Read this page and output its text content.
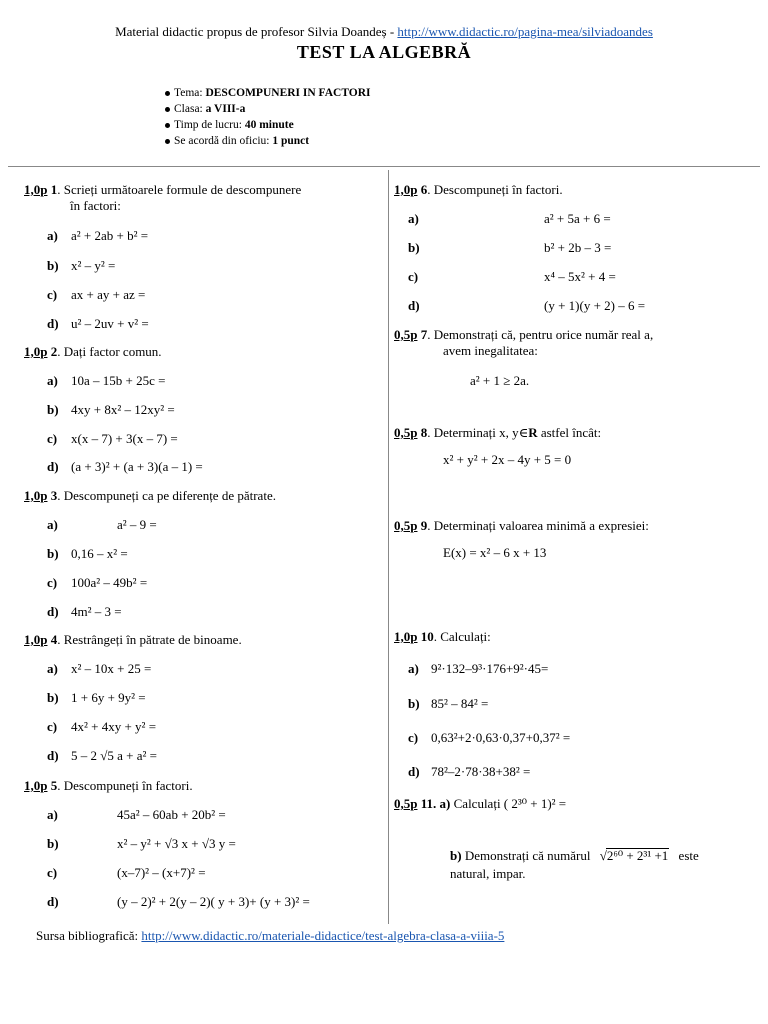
Material didactic propus de profesor Silvia Doandeș - http://www.didactic.ro/pagina-mea/silviadoandes
TEST LA ALGEBRĂ
Tema: DESCOMPUNERI IN FACTORI
Clasa: a VIII-a
Timp de lucru: 40 minute
Se acordă din oficiu: 1 punct
1,0p 1. Scrieți următoarele formule de descompunere
în factori:
a) a² + 2ab + b² =
b) x² – y² =
c) ax + ay + az =
d) u² – 2uv + v² =
1,0p 2. Dați factor comun.
a) 10a – 15b + 25c =
b) 4xy + 8x² – 12xy² =
c) x(x – 7) + 3(x – 7) =
d) (a + 3)² + (a + 3)(a – 1) =
1,0p 3. Descompuneți ca pe diferențe de pătrate.
a)	a² – 9 =
b) 0,16 – x² =
c) 100a² – 49b² =
d) 4m² – 3 =
1,0p 4. Restrângeți în pătrate de binoame.
a) x² – 10x + 25 =
b) 1 + 6y + 9y² =
c) 4x² + 4xy + y² =
d) 5 – 2 √5 a + a² =
1,0p 5. Descompuneți în factori.
a)	45a² – 60ab + 20b² =
b)	x² – y² + √3 x + √3 y =
c)	(x–7)² – (x+7)² =
d)	(y – 2)² + 2(y – 2)( y + 3)+ (y + 3)² =
1,0p 6. Descompuneți în factori.
a)	a² + 5a + 6 =
b)	b² + 2b – 3 =
c)	x⁴ – 5x² + 4 =
d)	(y + 1)(y + 2) – 6 =
0,5p 7. Demonstrați că, pentru orice număr real a,
avem inegalitatea:
a² + 1 ≥ 2a.
0,5p 8. Determinați x, y∈R astfel încât:
x² + y² + 2x – 4y + 5 = 0
0,5p 9. Determinați valoarea minimă a expresiei:
E(x) = x² – 6 x + 13
1,0p 10. Calculați:
a) 9²·132–9³·176+9²·45=
b) 85² – 84² =
c) 0,63²+2·0,63·0,37+0,37² =
d) 78²–2·78·38+38² =
0,5p 11. a) Calculați ( 2³⁰ + 1)² =
b) Demonstrați că numărul √2⁶⁰ + 2³¹ +1 este
natural, impar.
Sursa bibliografică: http://www.didactic.ro/materiale-didactice/test-algebra-clasa-a-viiia-5
